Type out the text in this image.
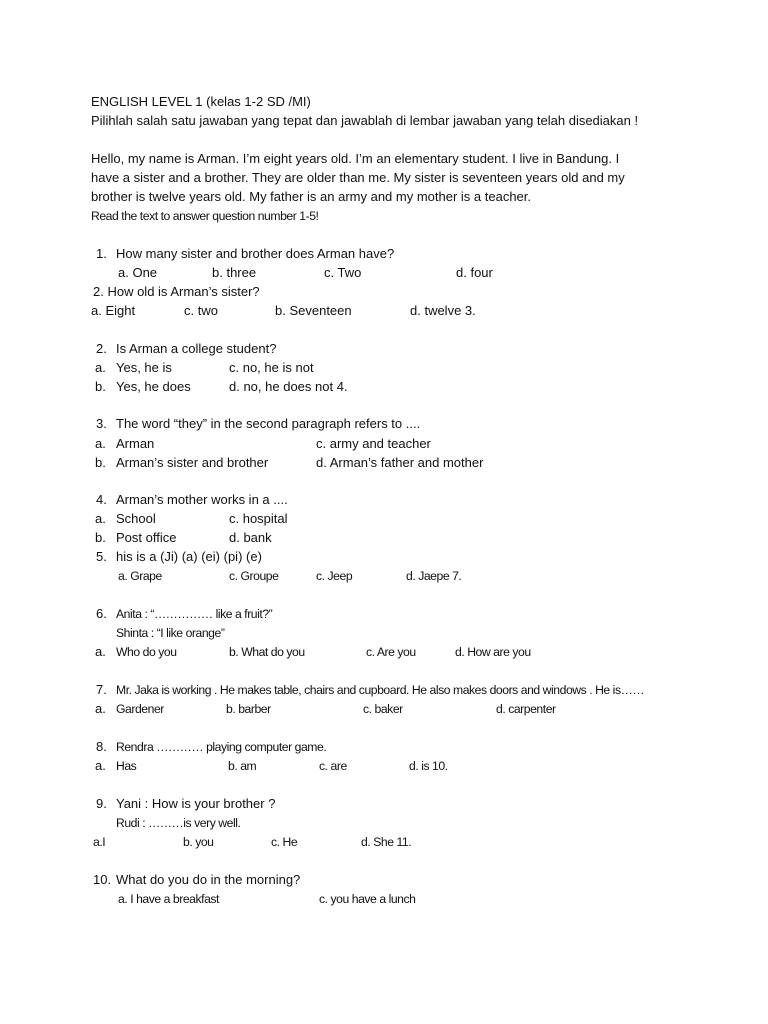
ENGLISH LEVEL 1 (kelas 1-2 SD /MI)
Pilihlah salah satu jawaban yang tepat dan jawablah di lembar jawaban yang telah disediakan !
Hello, my name is Arman. I’m eight years old. I’m an elementary student. I live in Bandung. I
have a sister and a brother. They are older than me. My sister is seventeen years old and my
brother is twelve years old. My father is an army and my mother is a teacher.
Read the text to answer question number 1-5!
1. How many sister and brother does Arman have?
a. One	b. three	c. Two	d. four
2. How old is Arman’s sister?
a. Eight	c. two	b. Seventeen	d. twelve 3.
2. Is Arman a college student?
a. Yes, he is	c. no, he is not
b. Yes, he does	d. no, he does not 4.
3. The word “they” in the second paragraph refers to ....
a. Arman	c. army and teacher
b. Arman’s sister and brother	d. Arman’s father and mother
4. Arman’s mother works in a ....
a. School	c. hospital
b. Post office	d. bank
5. his is a (Ji) (a) (ei) (pi) (e)
a. Grape	c. Groupe	c. Jeep	d. Jaepe 7.
6. Anita : “…………… like a fruit?”
Shinta : “I like orange”
a. Who do you	b. What do you	c. Are you	d. How are you
7. Mr. Jaka is working . He makes table, chairs and cupboard. He also makes doors and windows . He is……
a. Gardener	b. barber	c. baker	d. carpenter
8. Rendra ………… playing computer game.
a. Has	b. am	c. are	d. is 10.
9. Yani : How is your brother ?
Rudi : ………is very well.
a.I	b. you	c. He	d. She 11.
10. What do you do in the morning?
a. I have a breakfast	c. you have a lunch
